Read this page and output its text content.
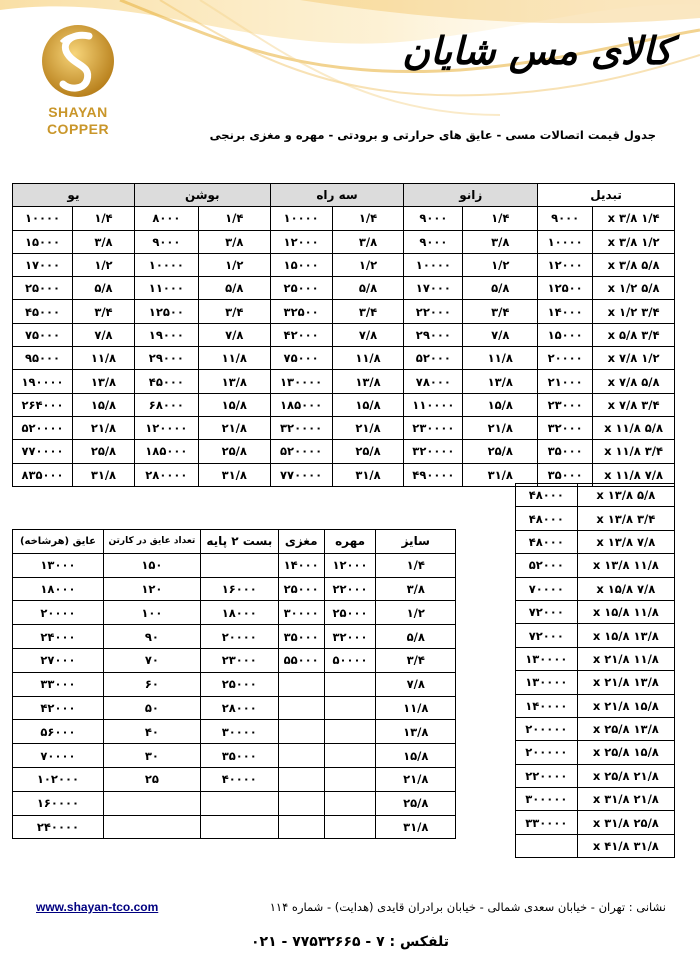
SHAYAN
COPPER
کالای مس شایان
جدول قیمت اتصالات مسی - عایق های حرارتی و برودتی - مهره و مغزی برنجی
تبدیل		زانو		سه راه		بوشن		یو	
۱/۴ x ۳/۸	۹۰۰۰	۱/۴	۹۰۰۰	۱/۴	۱۰۰۰۰	۱/۴	۸۰۰۰	۱/۴	۱۰۰۰۰
۱/۲ x ۳/۸	۱۰۰۰۰	۳/۸	۹۰۰۰	۳/۸	۱۲۰۰۰	۳/۸	۹۰۰۰	۳/۸	۱۵۰۰۰
۵/۸ x ۳/۸	۱۲۰۰۰	۱/۲	۱۰۰۰۰	۱/۲	۱۵۰۰۰	۱/۲	۱۰۰۰۰	۱/۲	۱۷۰۰۰
۵/۸ x ۱/۲	۱۲۵۰۰	۵/۸	۱۷۰۰۰	۵/۸	۲۵۰۰۰	۵/۸	۱۱۰۰۰	۵/۸	۲۵۰۰۰
۳/۴ x ۱/۲	۱۴۰۰۰	۳/۴	۲۲۰۰۰	۳/۴	۳۲۵۰۰	۳/۴	۱۲۵۰۰	۳/۴	۴۵۰۰۰
۳/۴ x ۵/۸	۱۵۰۰۰	۷/۸	۲۹۰۰۰	۷/۸	۴۲۰۰۰	۷/۸	۱۹۰۰۰	۷/۸	۷۵۰۰۰
۱/۲ x ۷/۸	۲۰۰۰۰	۱۱/۸	۵۲۰۰۰	۱۱/۸	۷۵۰۰۰	۱۱/۸	۲۹۰۰۰	۱۱/۸	۹۵۰۰۰
۵/۸ x ۷/۸	۲۱۰۰۰	۱۳/۸	۷۸۰۰۰	۱۳/۸	۱۳۰۰۰۰	۱۳/۸	۴۵۰۰۰	۱۳/۸	۱۹۰۰۰۰
۳/۴ x ۷/۸	۲۳۰۰۰	۱۵/۸	۱۱۰۰۰۰	۱۵/۸	۱۸۵۰۰۰	۱۵/۸	۶۸۰۰۰	۱۵/۸	۲۶۴۰۰۰
۵/۸ x ۱۱/۸	۳۲۰۰۰	۲۱/۸	۲۳۰۰۰۰	۲۱/۸	۳۲۰۰۰۰	۲۱/۸	۱۲۰۰۰۰	۲۱/۸	۵۲۰۰۰۰
۳/۴ x ۱۱/۸	۳۵۰۰۰	۲۵/۸	۳۲۰۰۰۰	۲۵/۸	۵۲۰۰۰۰	۲۵/۸	۱۸۵۰۰۰	۲۵/۸	۷۷۰۰۰۰
۷/۸ x ۱۱/۸	۳۵۰۰۰	۳۱/۸	۴۹۰۰۰۰	۳۱/۸	۷۷۰۰۰۰	۳۱/۸	۲۸۰۰۰۰	۳۱/۸	۸۳۵۰۰۰
۵/۸ x ۱۳/۸	۴۸۰۰۰
۳/۴ x ۱۳/۸	۴۸۰۰۰
۷/۸ x ۱۳/۸	۴۸۰۰۰
۱۱/۸ x ۱۳/۸	۵۲۰۰۰
۷/۸ x ۱۵/۸	۷۰۰۰۰
۱۱/۸ x ۱۵/۸	۷۲۰۰۰
۱۳/۸ x ۱۵/۸	۷۲۰۰۰
۱۱/۸ x ۲۱/۸	۱۳۰۰۰۰
۱۳/۸ x ۲۱/۸	۱۳۰۰۰۰
۱۵/۸ x ۲۱/۸	۱۴۰۰۰۰
۱۳/۸ x ۲۵/۸	۲۰۰۰۰۰
۱۵/۸ x ۲۵/۸	۲۰۰۰۰۰
۲۱/۸ x ۲۵/۸	۲۲۰۰۰۰
۲۱/۸ x ۳۱/۸	۳۰۰۰۰۰
۲۵/۸ x ۳۱/۸	۳۳۰۰۰۰
۳۱/۸ x ۴۱/۸	
سایز	مهره	مغزی	بست ۲ پایه	تعداد عایق در کارتن	عایق (هرشاخه)
۱/۴	۱۲۰۰۰	۱۴۰۰۰		۱۵۰	۱۳۰۰۰
۳/۸	۲۲۰۰۰	۲۵۰۰۰	۱۶۰۰۰	۱۲۰	۱۸۰۰۰
۱/۲	۲۵۰۰۰	۳۰۰۰۰	۱۸۰۰۰	۱۰۰	۲۰۰۰۰
۵/۸	۳۲۰۰۰	۳۵۰۰۰	۲۰۰۰۰	۹۰	۲۴۰۰۰
۳/۴	۵۰۰۰۰	۵۵۰۰۰	۲۳۰۰۰	۷۰	۲۷۰۰۰
۷/۸			۲۵۰۰۰	۶۰	۳۳۰۰۰
۱۱/۸			۲۸۰۰۰	۵۰	۴۲۰۰۰
۱۳/۸			۳۰۰۰۰	۴۰	۵۶۰۰۰
۱۵/۸			۳۵۰۰۰	۳۰	۷۰۰۰۰
۲۱/۸			۴۰۰۰۰	۲۵	۱۰۲۰۰۰
۲۵/۸					۱۶۰۰۰۰
۳۱/۸					۲۴۰۰۰۰
www.shayan-tco.com	نشانی : تهران - خیابان سعدی شمالی - خیابان برادران قایدی (هدایت) - شماره ۱۱۴
تلفکس : ۷ - ۷۷۵۳۲۶۶۵ - ۰۲۱
